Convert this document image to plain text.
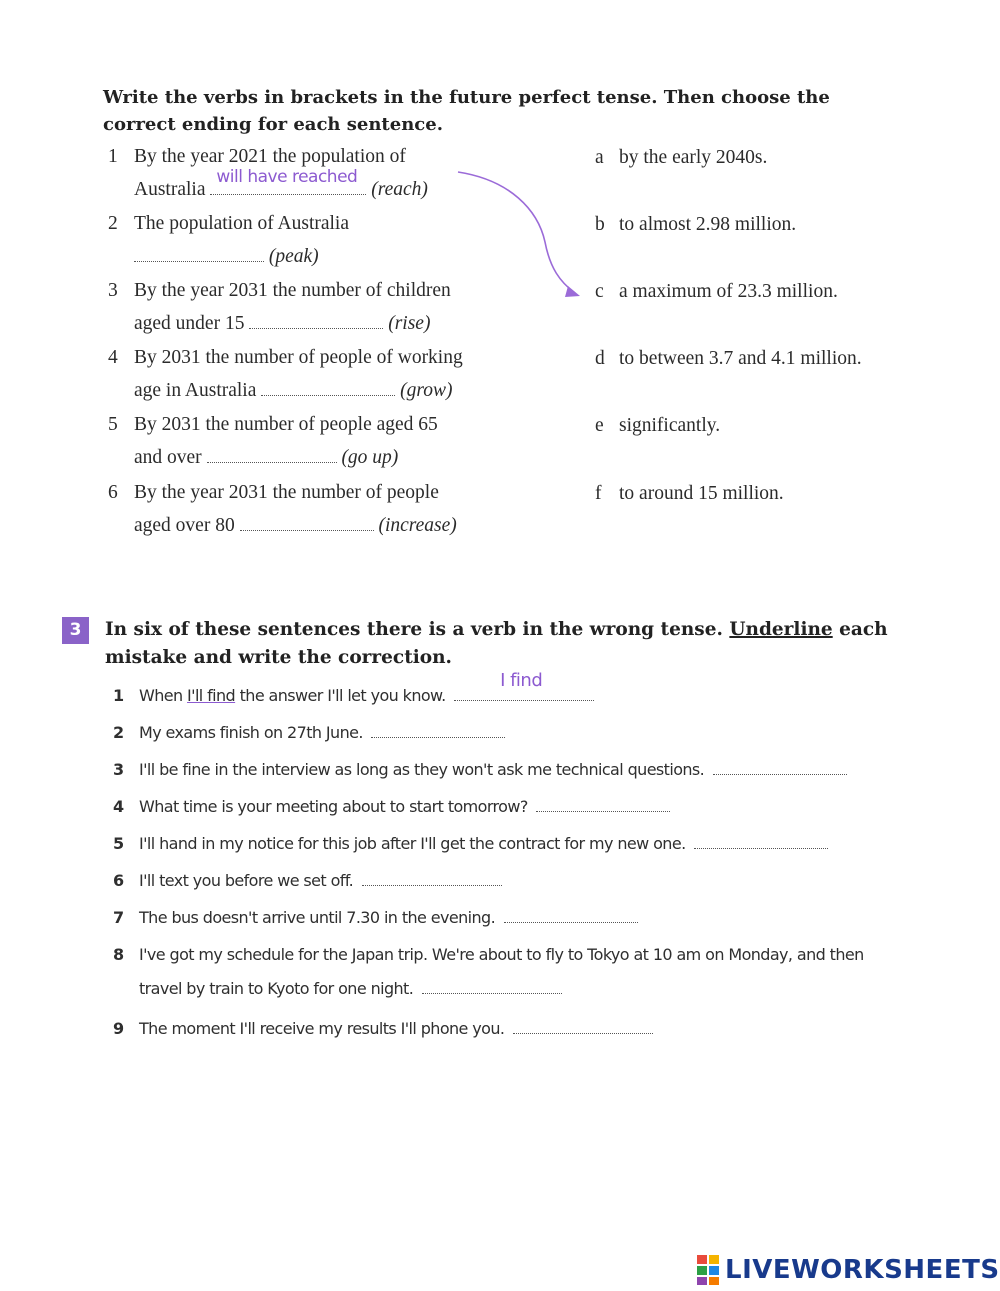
Write the verbs in brackets in the future perfect tense. Then choose the correct ending for each sentence.
1 By the year 2021 the population of
Australia
will have reached
(reach)
2 The population of Australia
(peak)
3 By the year 2031 the number of children
aged under 15	(rise)
4 By 2031 the number of people of working
age in Australia	(grow)
5 By 2031 the number of people aged 65
and over	(go up)
6 By the year 2031 the number of people
aged over 80	(increase)
a by the early 2040s.
b to almost 2.98 million.
c a maximum of 23.3 million.
d to between 3.7 and 4.1 million.
e significantly.
f to around 15 million.
3	In six of these sentences there is a verb in the wrong tense. Underline each mistake and write the correction.
1 When I'll find the answer I'll let you know.
I find
2 My exams finish on 27th June.
3 I'll be fine in the interview as long as they won't ask me technical questions.
4 What time is your meeting about to start tomorrow?
5 I'll hand in my notice for this job after I'll get the contract for my new one.
6 I'll text you before we set off.
7 The bus doesn't arrive until 7.30 in the evening.
8 I've got my schedule for the Japan trip. We're about to fly to Tokyo at 10 am on Monday, and then
travel by train to Kyoto for one night.
9 The moment I'll receive my results I'll phone you.
LIVEWORKSHEETS
